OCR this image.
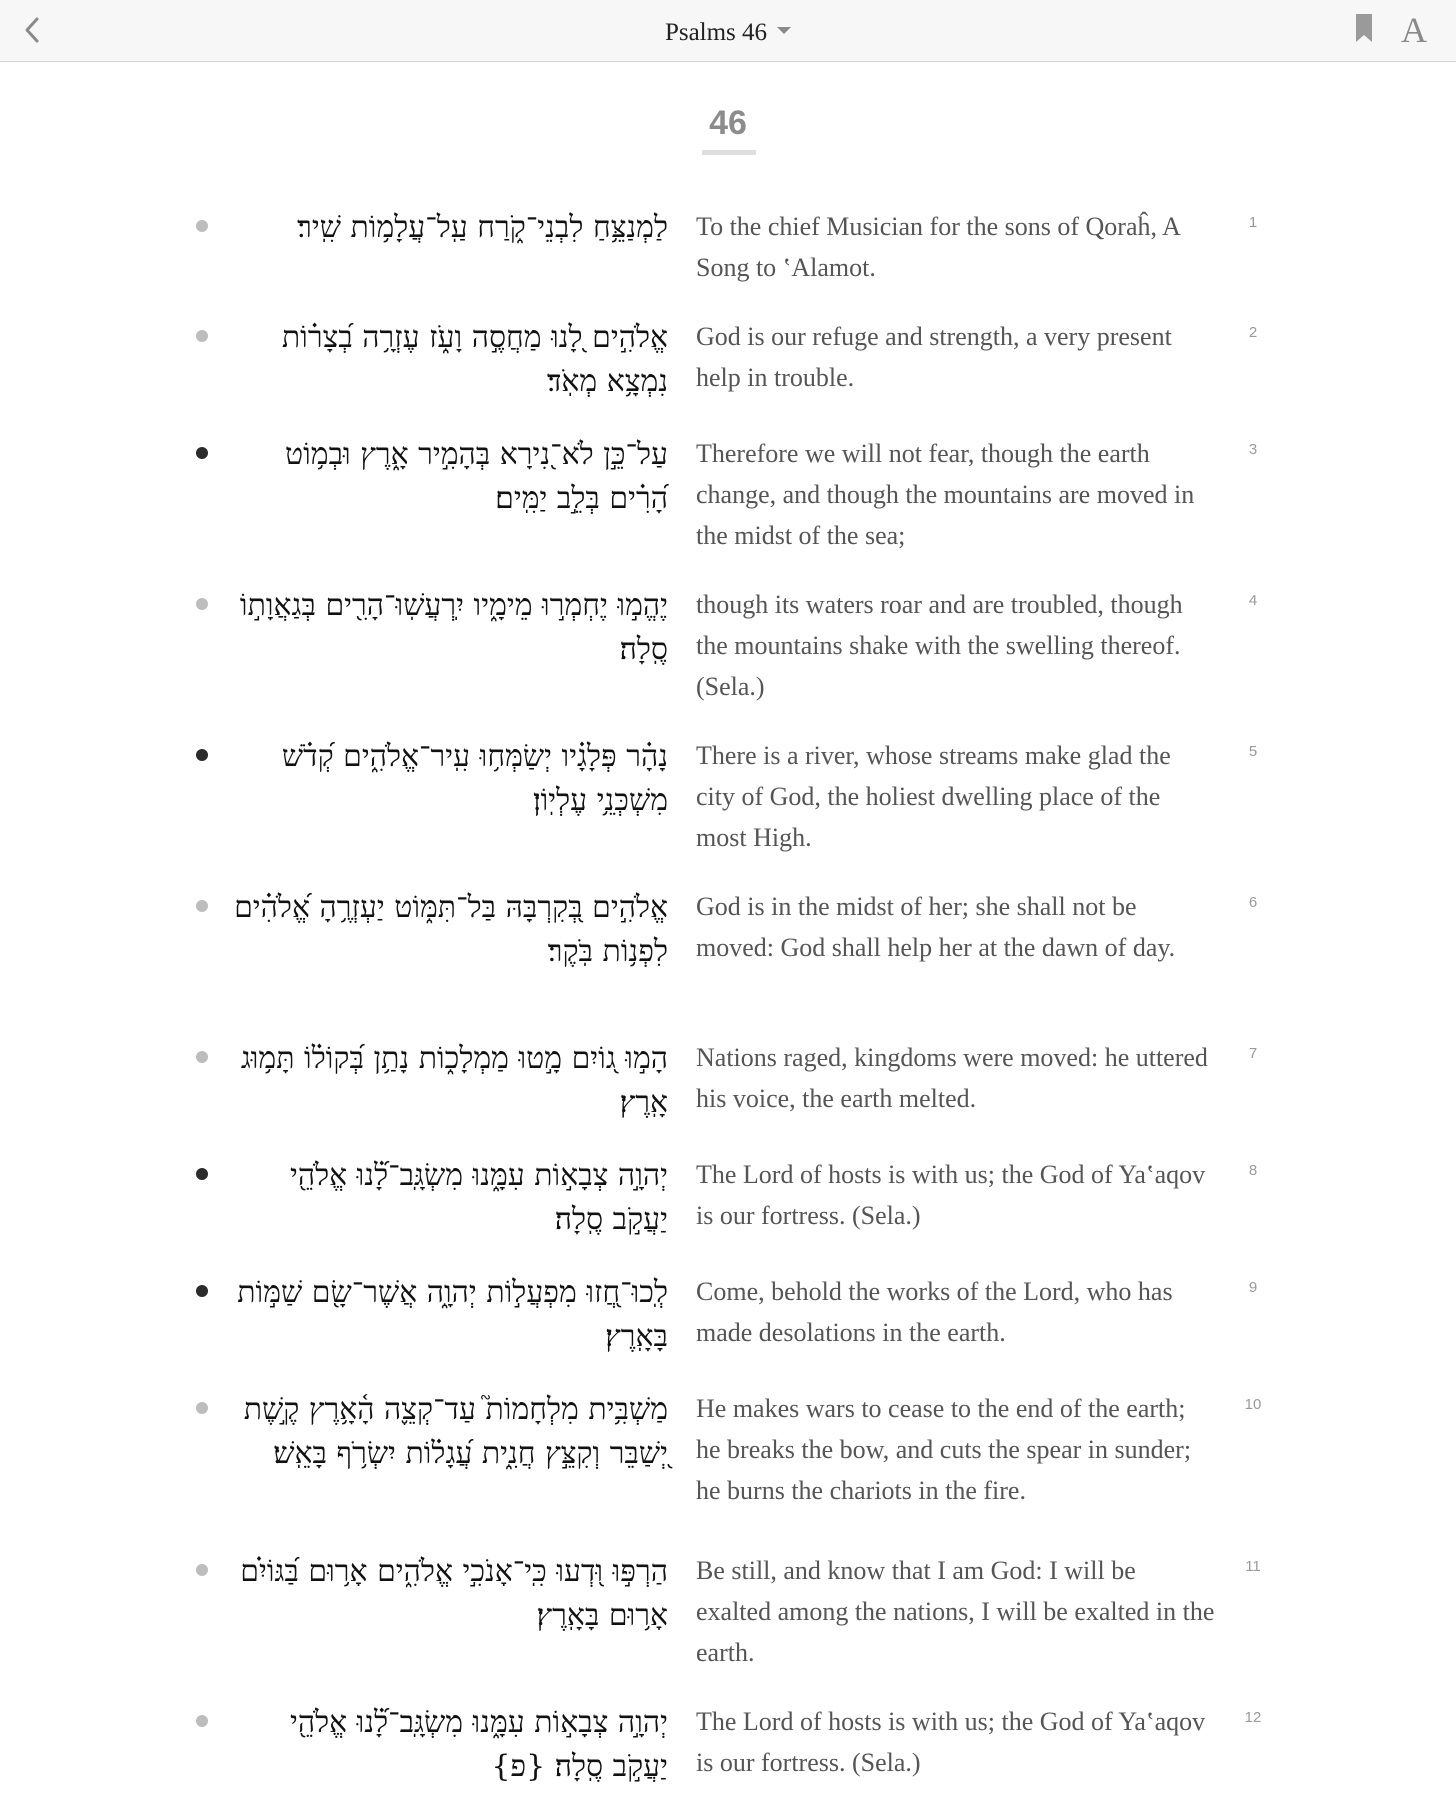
Psalms 46	A
46
לַמְנַצֵּ֥חַ לִבְנֵי־קֹ֑רַח עַֽל־עֲלָמ֥וֹת שִֽׁיר׃ To the chief Musician for the sons of Qoraĥ, A Song to ʽAlamot.
1
אֱלֹהִ֣ים לָ֭נוּ מַחֲסֶ֣ה וָעֹ֑ז עֶזְרָ֥ה בְ֝צָר֗וֹת נִמְצָ֥א מְאֹֽד׃
God is our refuge and strength, a very present help in trouble.
2
עַל־כֵּ֣ן לֹא־נִ֭ירָא בְּהָמִ֣יר אָ֑רֶץ וּבְמ֥וֹט הָ֝רִ֗ים בְּלֵ֣ב יַמִּֽים׃
Therefore we will not fear, though the earth change, and though the mountains are moved in the midst of the sea;
3
יֶהֱמ֣וּ יֶחְמְר֣וּ מֵימָ֑יו יִֽרְעֲשֽׁוּ־הָרִ֖ים בְּגַאֲוָת֣וֹ סֶֽלָה׃
though its waters roar and are troubled, though the mountains shake with the swelling thereof. (Sela.)
4
נָהָ֗ר פְּלָגָ֗יו יְשַׂמְּח֥וּ עִֽיר־אֱלֹהִ֑ים קְ֝דֹ֗שׁ מִשְׁכְּנֵ֥י עֶלְיֽוֹן׃
There is a river, whose streams make glad the city of God, the holiest dwelling place of the most High.
5
אֱלֹהִ֣ים בְּ֭קִרְבָּהּ בַּל־תִּמּ֑וֹט יַעְזְרֶ֥הָ אֱ֝לֹהִ֗ים לִפְנ֥וֹת בֹּֽקֶר׃
God is in the midst of her; she shall not be moved: God shall help her at the dawn of day.
6
הָמ֣וּ ג֭וֹיִם מָ֣טוּ מַמְלָכ֑וֹת נָתַ֥ן בְּ֝קוֹל֗וֹ תָּמ֥וּג אָֽרֶץ׃
Nations raged, kingdoms were moved: he uttered his voice, the earth melted.
7
יְהוָ֣ה צְבָא֣וֹת עִמָּ֑נוּ מִשְׂגָּֽב־לָ֝֗נוּ אֱלֹהֵ֖י יַעֲקֹ֣ב סֶֽלָה׃
The Lord of hosts is with us; the God of Yaʽaqov is our fortress. (Sela.)
8
לְֽכוּ־חֲ֭זוּ מִפְעֲל֣וֹת יְהוָ֑ה אֲשֶׁר־שָׂ֖ם שַׁמּ֣וֹת בָּאָֽרֶץ׃
Come, behold the works of the Lord, who has made desolations in the earth.
9
מַשְׁבִּ֥ית מִלְחָמוֹת֮ עַד־קְצֵ֪ה הָ֫אָ֥רֶץ קֶ֣שֶׁת יְ֭שַׁבֵּר וְקִצֵּ֣ץ חֲנִ֑ית עֲ֝גָל֗וֹת יִשְׂרֹ֥ף בָּאֵֽשׁ׃
He makes wars to cease to the end of the earth; he breaks the bow, and cuts the spear in sunder; he burns the chariots in the fire.
10
הַרְפּ֣וּ וּ֭דְעוּ כִּֽי־אָנֹכִ֣י אֱלֹהִ֑ים אָר֥וּם בַּ֝גּוֹיִ֗ם אָר֥וּם בָּאָֽרֶץ׃
Be still, and know that I am God: I will be exalted among the nations, I will be exalted in the earth.
11
יְהוָ֣ה צְבָא֣וֹת עִמָּ֑נוּ מִשְׂגָּֽב־לָ֝֗נוּ אֱלֹהֵ֖י יַעֲקֹ֣ב סֶֽלָה׃ {פ}
The Lord of hosts is with us; the God of Yaʽaqov is our fortress. (Sela.)
12
